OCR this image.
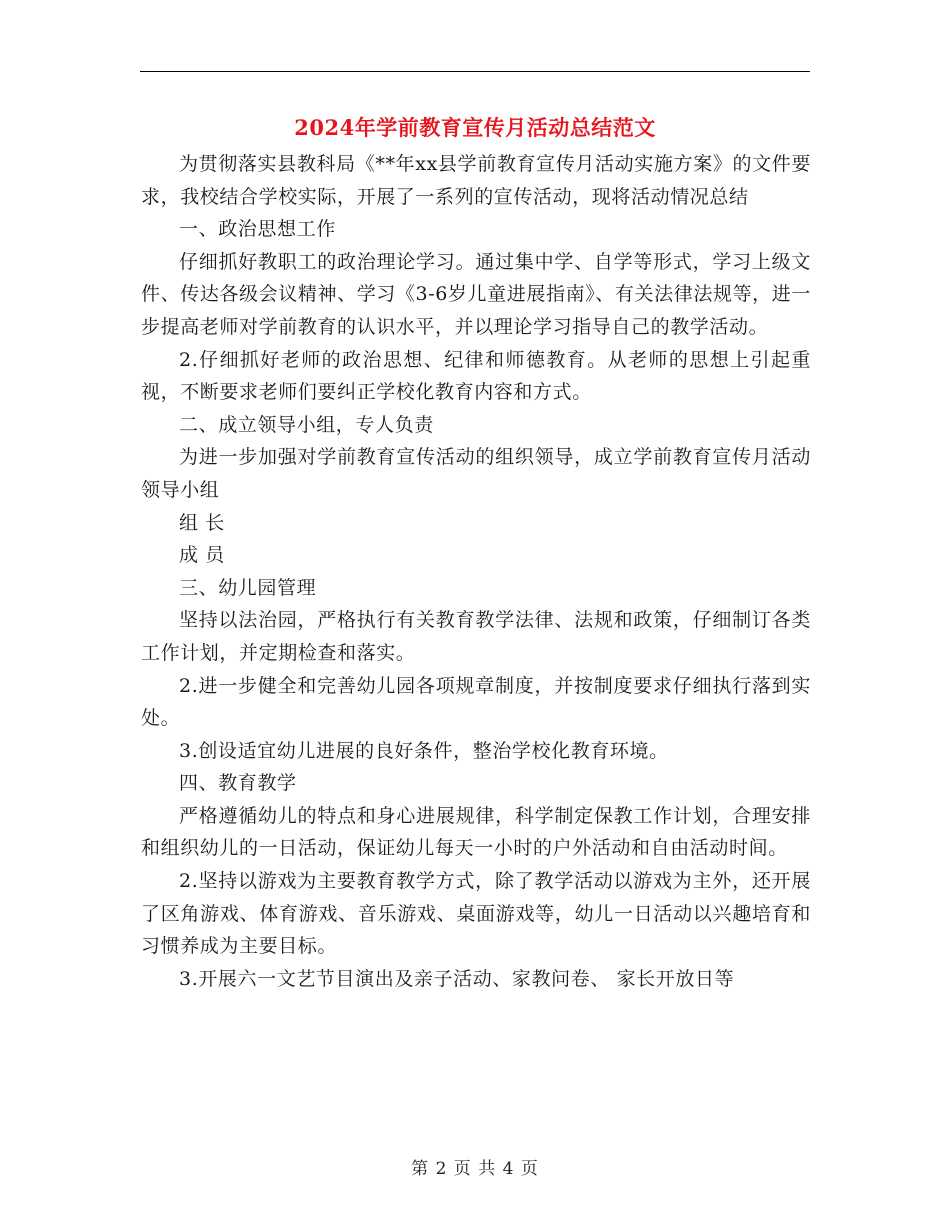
2024年学前教育宣传月活动总结范文

为贯彻落实县教科局《**年xx县学前教育宣传月活动实施方案》的文件要求，我校结合学校实际，开展了一系列的宣传活动，现将活动情况总结

一、政治思想工作

仔细抓好教职工的政治理论学习。通过集中学、自学等形式，学习上级文件、传达各级会议精神、学习《3-6岁儿童进展指南》、有关法律法规等，进一步提高老师对学前教育的认识水平，并以理论学习指导自己的教学活动。

2.仔细抓好老师的政治思想、纪律和师德教育。从老师的思想上引起重视，不断要求老师们要纠正学校化教育内容和方式。

二、成立领导小组，专人负责

为进一步加强对学前教育宣传活动的组织领导，成立学前教育宣传月活动领导小组

组 长

成 员

三、幼儿园管理

坚持以法治园，严格执行有关教育教学法律、法规和政策，仔细制订各类工作计划，并定期检查和落实。

2.进一步健全和完善幼儿园各项规章制度，并按制度要求仔细执行落到实处。

3.创设适宜幼儿进展的良好条件，整治学校化教育环境。

四、教育教学

严格遵循幼儿的特点和身心进展规律，科学制定保教工作计划，合理安排和组织幼儿的一日活动，保证幼儿每天一小时的户外活动和自由活动时间。

2.坚持以游戏为主要教育教学方式，除了教学活动以游戏为主外，还开展了区角游戏、体育游戏、音乐游戏、桌面游戏等，幼儿一日活动以兴趣培育和习惯养成为主要目标。

3.开展六一文艺节目演出及亲子活动、家教问卷、 家长开放日等

第 2 页 共 4 页
